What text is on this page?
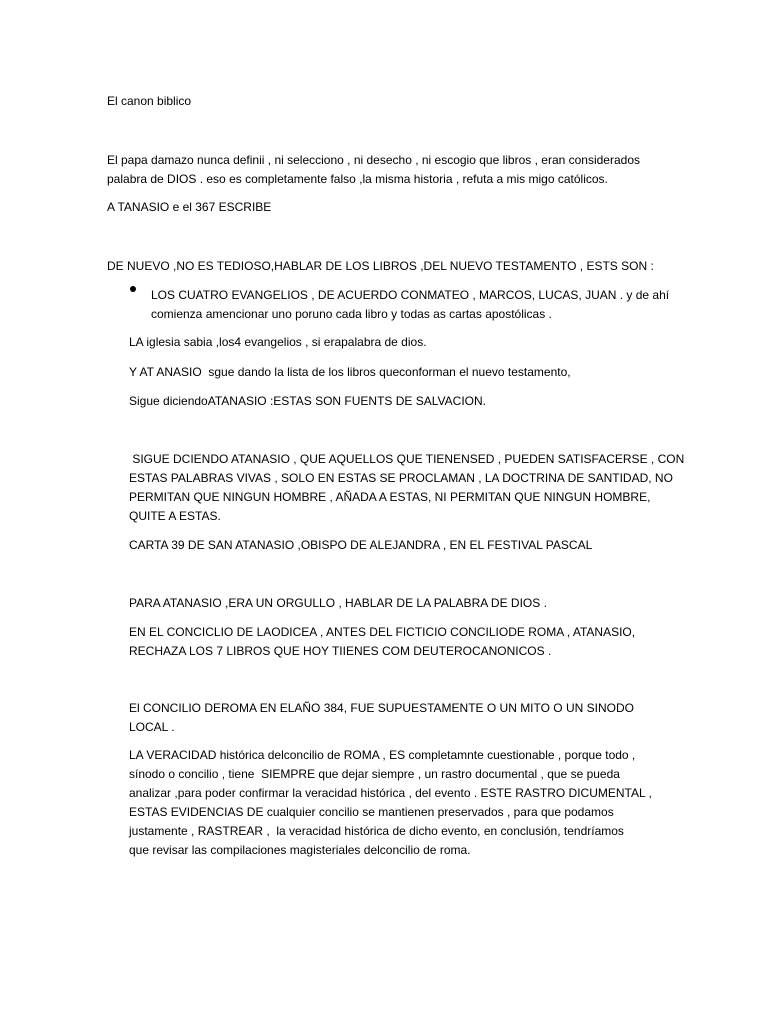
El canon biblico

El papa damazo nunca definii , ni selecciono , ni desecho , ni escogio que libros , eran considerados
palabra de DIOS . eso es completamente falso ,la misma historia , refuta a mis migo católicos.

A TANASIO e el 367 ESCRIBE

DE NUEVO ,NO ES TEDIOSO,HABLAR DE LOS LIBROS ,DEL NUEVO TESTAMENTO , ESTS SON :

LOS CUATRO EVANGELIOS , DE ACUERDO CONMATEO , MARCOS, LUCAS, JUAN . y de ahí

comienza amencionar uno poruno cada libro y todas as cartas apostólicas .

LA iglesia sabia ,los4 evangelios , si erapalabra de dios.

Y AT ANASIO  sgue dando la lista de los libros queconforman el nuevo testamento,

Sigue diciendoATANASIO :ESTAS SON FUENTS DE SALVACION.

SIGUE DCIENDO ATANASIO , QUE AQUELLOS QUE TIENENSED , PUEDEN SATISFACERSE , CON
ESTAS PALABRAS VIVAS , SOLO EN ESTAS SE PROCLAMAN , LA DOCTRINA DE SANTIDAD, NO
PERMITAN QUE NINGUN HOMBRE , AÑADA A ESTAS, NI PERMITAN QUE NINGUN HOMBRE,
QUITE A ESTAS.

CARTA 39 DE SAN ATANASIO ,OBISPO DE ALEJANDRA , EN EL FESTIVAL PASCAL

PARA ATANASIO ,ERA UN ORGULLO , HABLAR DE LA PALABRA DE DIOS .

EN EL CONCICLIO DE LAODICEA , ANTES DEL FICTICIO CONCILIODE ROMA , ATANASIO,
RECHAZA LOS 7 LIBROS QUE HOY TIIENES COM DEUTEROCANONICOS .

El CONCILIO DEROMA EN ELAÑO 384, FUE SUPUESTAMENTE O UN MITO O UN SINODO
LOCAL .

LA VERACIDAD histórica delconcilio de ROMA , ES completamnte cuestionable , porque todo ,
sínodo o concilio , tiene  SIEMPRE que dejar siempre , un rastro documental , que se pueda
analizar ,para poder confirmar la veracidad histórica , del evento . ESTE RASTRO DICUMENTAL ,
ESTAS EVIDENCIAS DE cualquier concilio se mantienen preservados , para que podamos
justamente , RASTREAR ,  la veracidad histórica de dicho evento, en conclusión, tendríamos
que revisar las compilaciones magisteriales delconcilio de roma.
